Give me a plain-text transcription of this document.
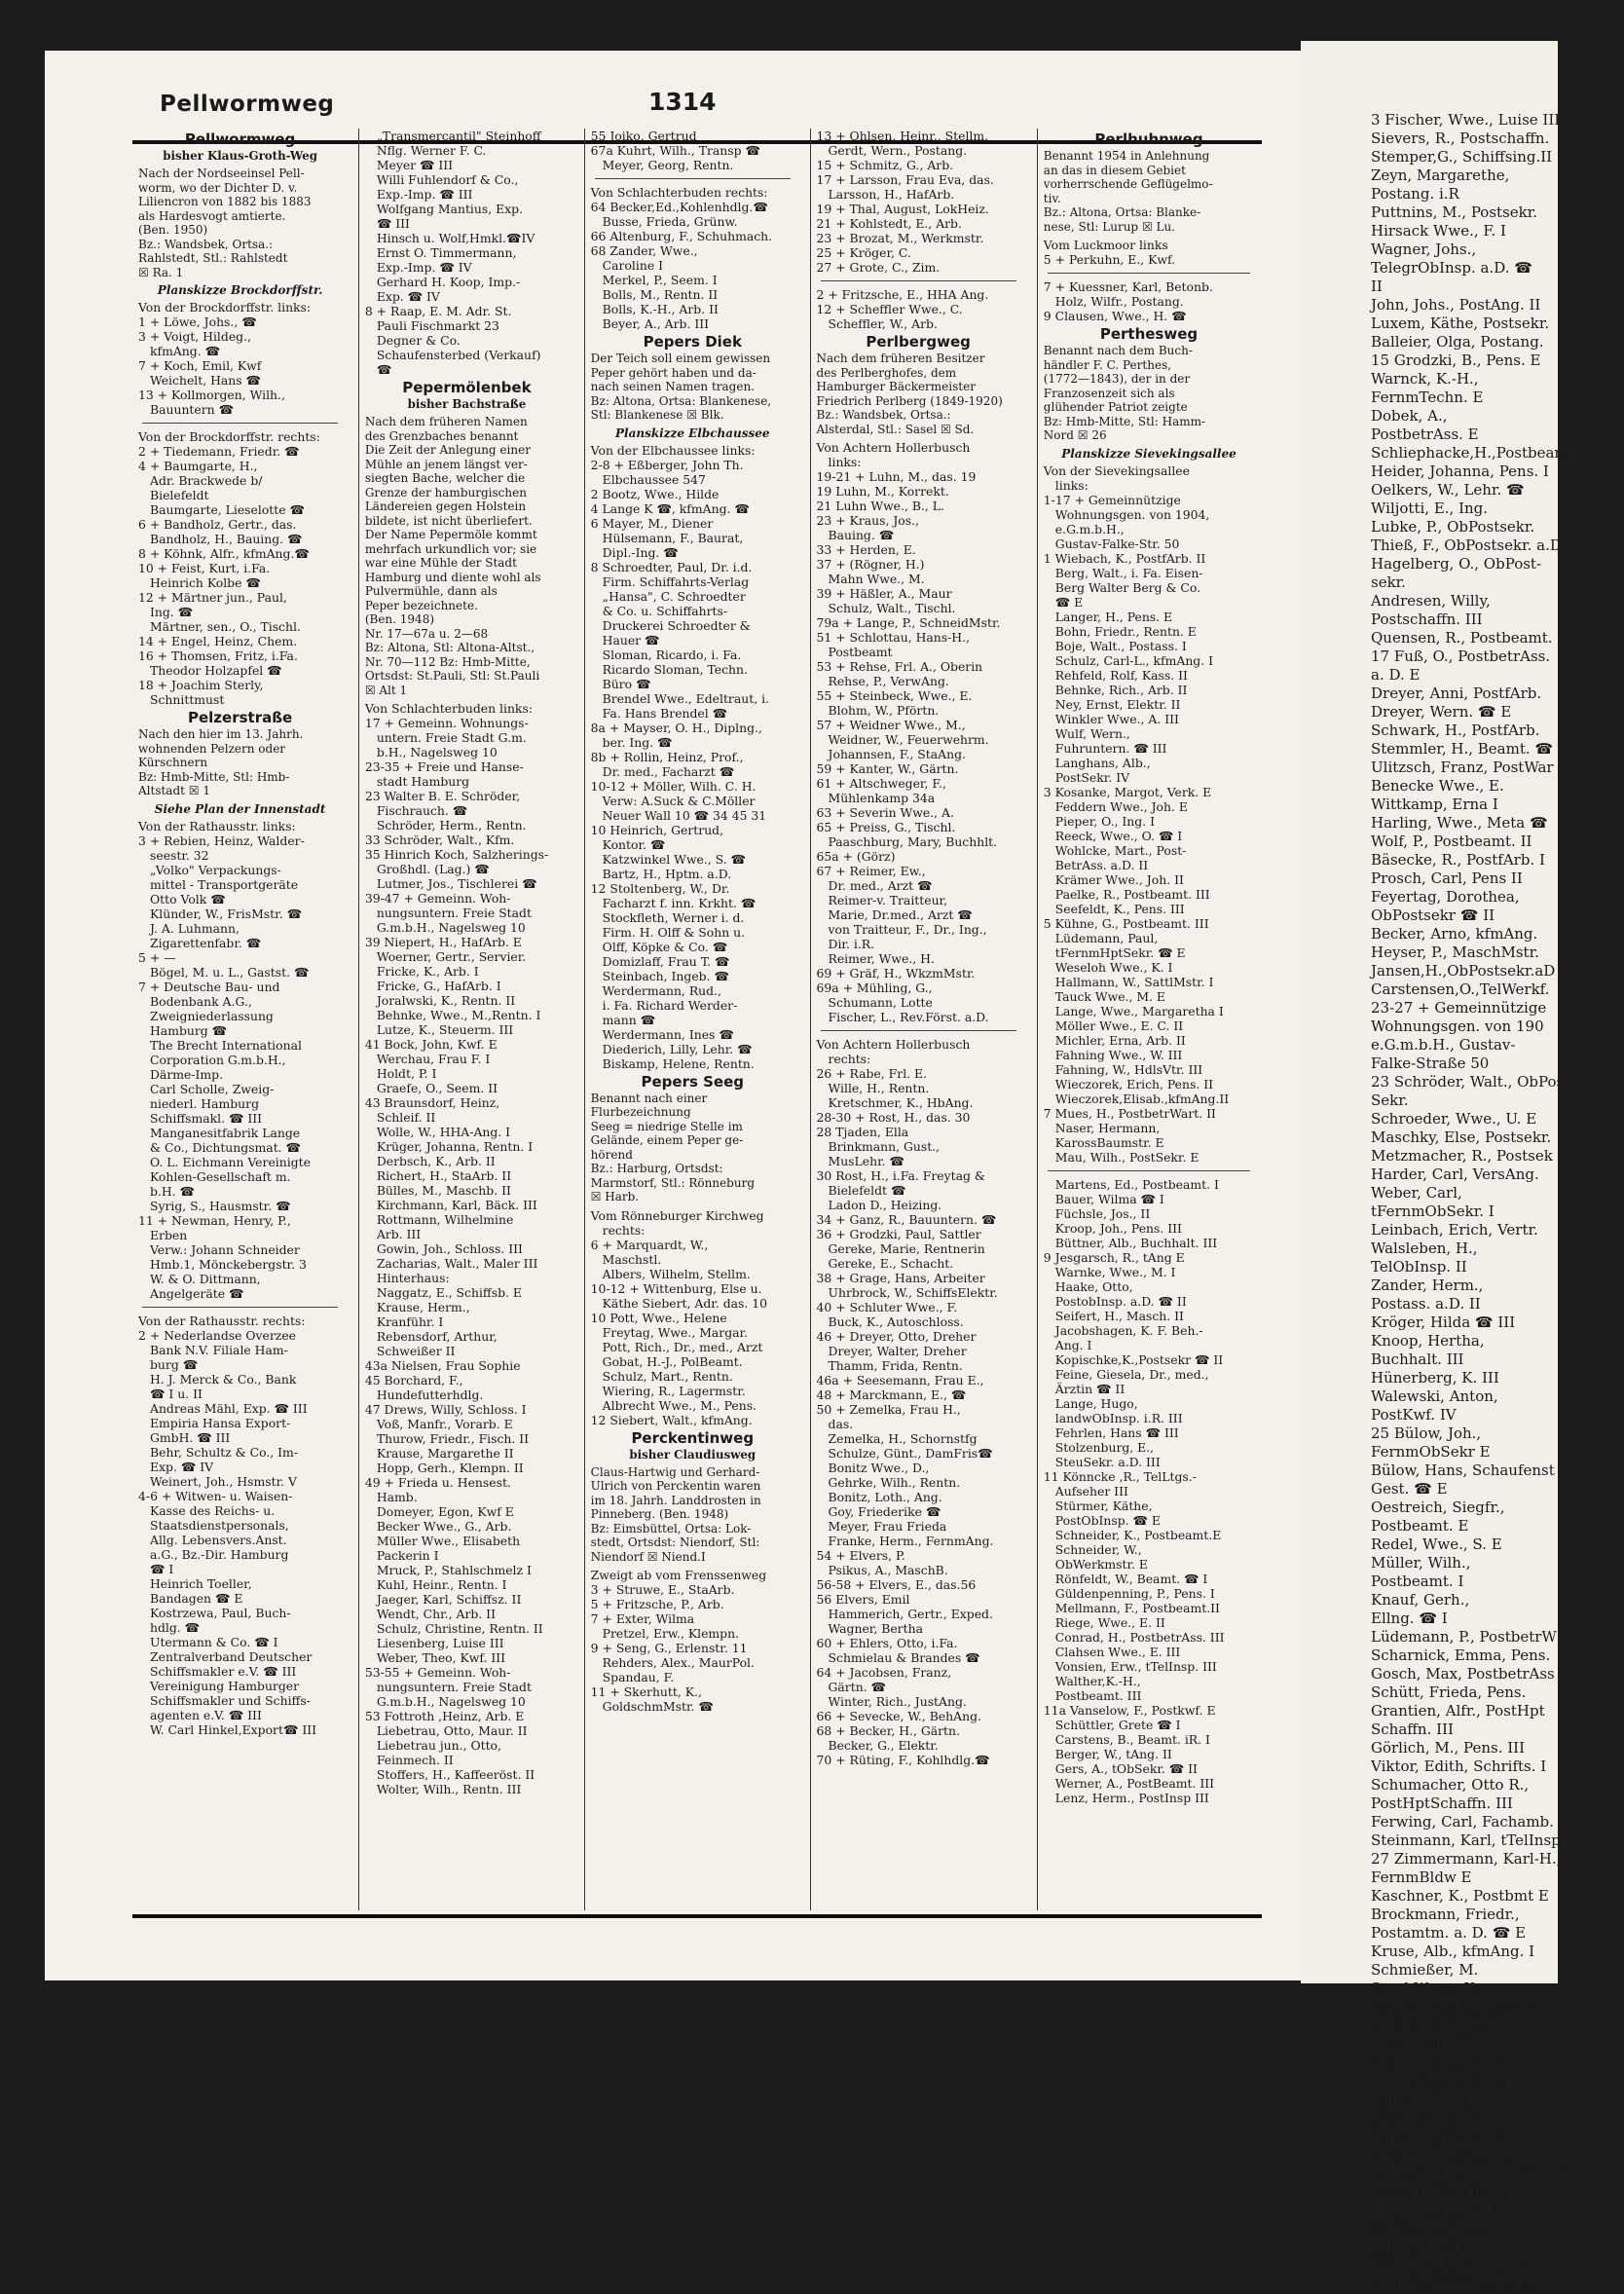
Pellwormweg	1314
Pellwormweg
bisher Klaus-Groth-Weg
Nach der Nordseeinsel Pell-
worm, wo der Dichter D. v.
Liliencron von 1882 bis 1883
als Hardesvogt amtierte.
(Ben. 1950)
Bz.: Wandsbek, Ortsa.:
Rahlstedt, Stl.: Rahlstedt
☒ Ra. 1
Planskizze Brockdorffstr.
Von der Brockdorffstr. links:
1 + Löwe, Johs., ☎
3 + Voigt, Hildeg.,
kfmAng. ☎
7 + Koch, Emil, Kwf
Weichelt, Hans ☎
13 + Kollmorgen, Wilh.,
Bauuntern ☎
Von der Brockdorffstr. rechts:
2 + Tiedemann, Friedr. ☎
4 + Baumgarte, H.,
Adr. Brackwede b/
Bielefeldt
Baumgarte, Lieselotte ☎
6 + Bandholz, Gertr., das.
Bandholz, H., Bauing. ☎
8 + Köhnk, Alfr., kfmAng.☎
10 + Feist, Kurt, i.Fa.
Heinrich Kolbe ☎
12 + Märtner jun., Paul,
Ing. ☎
Märtner, sen., O., Tischl.
14 + Engel, Heinz, Chem.
16 + Thomsen, Fritz, i.Fa.
Theodor Holzapfel ☎
18 + Joachim Sterly,
Schnittmust
Pelzerstraße
Nach den hier im 13. Jahrh.
wohnenden Pelzern oder
Kürschnern
Bz: Hmb-Mitte, Stl: Hmb-
Altstadt ☒ 1
Siehe Plan der Innenstadt
Von der Rathausstr. links:
3 + Rebien, Heinz, Walder-
seestr. 32
„Volko" Verpackungs-
mittel - Transportgeräte
Otto Volk ☎
Klünder, W., FrisMstr. ☎
J. A. Luhmann,
Zigarettenfabr. ☎
5 + —
Bögel, M. u. L., Gastst. ☎
7 + Deutsche Bau- und
Bodenbank A.G.,
Zweigniederlassung
Hamburg ☎
The Brecht International
Corporation G.m.b.H.,
Därme-Imp.
Carl Scholle, Zweig-
niederl. Hamburg
Schiffsmakl. ☎ III
Manganesitfabrik Lange
& Co., Dichtungsmat. ☎
O. L. Eichmann Vereinigte
Kohlen-Gesellschaft m.
b.H. ☎
Syrig, S., Hausmstr. ☎
11 + Newman, Henry, P.,
Erben
Verw.: Johann Schneider
Hmb.1, Mönckebergstr. 3
W. & O. Dittmann,
Angelgeräte ☎
Von der Rathausstr. rechts:
2 + Nederlandse Overzee
Bank N.V. Filiale Ham-
burg ☎
H. J. Merck & Co., Bank
☎ I u. II
Andreas Mähl, Exp. ☎ III
Empiria Hansa Export-
GmbH. ☎ III
Behr, Schultz & Co., Im-
Exp. ☎ IV
Weinert, Joh., Hsmstr. V
4-6 + Witwen- u. Waisen-
Kasse des Reichs- u.
Staatsdienstpersonals,
Allg. Lebensvers.Anst.
a.G., Bz.-Dir. Hamburg
☎ I
Heinrich Toeller,
Bandagen ☎ E
Kostrzewa, Paul, Buch-
hdlg. ☎
Utermann & Co. ☎ I
Zentralverband Deutscher
Schiffsmakler e.V. ☎ III
Vereinigung Hamburger
Schiffsmakler und Schiffs-
agenten e.V. ☎ III
W. Carl Hinkel,Export☎ III
„Transmercantil" Steinhoff
Nflg. Werner F. C.
Meyer ☎ III
Willi Fuhlendorf & Co.,
Exp.-Imp. ☎ III
Wolfgang Mantius, Exp.
☎ III
Hinsch u. Wolf,Hmkl.☎IV
Ernst O. Timmermann,
Exp.-Imp. ☎ IV
Gerhard H. Koop, Imp.-
Exp. ☎ IV
8 + Raap, E. M. Adr. St.
Pauli Fischmarkt 23
Degner & Co.
Schaufensterbed (Verkauf)
☎
Pepermölenbek
bisher Bachstraße
Nach dem früheren Namen
des Grenzbaches benannt
Die Zeit der Anlegung einer
Mühle an jenem längst ver-
siegten Bache, welcher die
Grenze der hamburgischen
Ländereien gegen Holstein
bildete, ist nicht überliefert.
Der Name Pepermöle kommt
mehrfach urkundlich vor; sie
war eine Mühle der Stadt
Hamburg und diente wohl als
Pulvermühle, dann als
Peper bezeichnete.
(Ben. 1948)
Nr. 17—67a u. 2—68
Bz: Altona, Stl: Altona-Altst.,
Nr. 70—112 Bz: Hmb-Mitte,
Ortsdst: St.Pauli, Stl: St.Pauli
☒ Alt 1
Von Schlachterbuden links:
17 + Gemeinn. Wohnungs-
untern. Freie Stadt G.m.
b.H., Nagelsweg 10
23-35 + Freie und Hanse-
stadt Hamburg
23 Walter B. E. Schröder,
Fischrauch. ☎
Schröder, Herm., Rentn.
33 Schröder, Walt., Kfm.
35 Hinrich Koch, Salzherings-
Großhdl. (Lag.) ☎
Lutmer, Jos., Tischlerei ☎
39-47 + Gemeinn. Woh-
nungsuntern. Freie Stadt
G.m.b.H., Nagelsweg 10
39 Niepert, H., HafArb. E
Woerner, Gertr., Servier.
Fricke, K., Arb. I
Fricke, G., HafArb. I
Joralwski, K., Rentn. II
Behnke, Wwe., M.,Rentn. I
Lutze, K., Steuerm. III
41 Bock, John, Kwf. E
Werchau, Frau F. I
Holdt, P. I
Graefe, O., Seem. II
43 Braunsdorf, Heinz,
Schleif. II
Wolle, W., HHA-Ang. I
Krüger, Johanna, Rentn. I
Derbsch, K., Arb. II
Richert, H., StaArb. II
Bülles, M., Maschb. II
Kirchmann, Karl, Bäck. III
Rottmann, Wilhelmine
Arb. III
Gowin, Joh., Schloss. III
Zacharias, Walt., Maler III
Hinterhaus:
Naggatz, E., Schiffsb. E
Krause, Herm.,
Kranführ. I
Rebensdorf, Arthur,
Schweißer II
43a Nielsen, Frau Sophie
45 Borchard, F.,
Hundefutterhdlg.
47 Drews, Willy, Schloss. I
Voß, Manfr., Vorarb. E
Thurow, Friedr., Fisch. II
Krause, Margarethe II
Hopp, Gerh., Klempn. II
49 + Frieda u. Hensest.
Hamb.
Domeyer, Egon, Kwf E
Becker Wwe., G., Arb.
Müller Wwe., Elisabeth
Packerin I
Mruck, P., Stahlschmelz I
Kuhl, Heinr., Rentn. I
Jaeger, Karl, Schiffsz. II
Wendt, Chr., Arb. II
Schulz, Christine, Rentn. II
Liesenberg, Luise III
Weber, Theo, Kwf. III
53-55 + Gemeinn. Woh-
nungsuntern. Freie Stadt
G.m.b.H., Nagelsweg 10
53 Fottroth ,Heinz, Arb. E
Liebetrau, Otto, Maur. II
Liebetrau jun., Otto,
Feinmech. II
Stoffers, H., Kaffeeröst. II
Wolter, Wilh., Rentn. III
55 Joiko, Gertrud
67a Kuhrt, Wilh., Transp ☎
Meyer, Georg, Rentn.
Von Schlachterbuden rechts:
64 Becker,Ed.,Kohlenhdlg.☎
Busse, Frieda, Grünw.
66 Altenburg, F., Schuhmach.
68 Zander, Wwe.,
Caroline I
Merkel, P., Seem. I
Bolls, M., Rentn. II
Bolls, K.-H., Arb. II
Beyer, A., Arb. III
Pepers Diek
Der Teich soll einem gewissen
Peper gehört haben und da-
nach seinen Namen tragen.
Bz: Altona, Ortsa: Blankenese,
Stl: Blankenese ☒ Blk.
Planskizze Elbchaussee
Von der Elbchaussee links:
2-8 + Eßberger, John Th.
Elbchaussee 547
2 Bootz, Wwe., Hilde
4 Lange K ☎, kfmAng. ☎
6 Mayer, M., Diener
Hülsemann, F., Baurat,
Dipl.-Ing. ☎
8 Schroedter, Paul, Dr. i.d.
Firm. Schiffahrts-Verlag
„Hansa", C. Schroedter
& Co. u. Schiffahrts-
Druckerei Schroedter &
Hauer ☎
Sloman, Ricardo, i. Fa.
Ricardo Sloman, Techn.
Büro ☎
Brendel Wwe., Edeltraut, i.
Fa. Hans Brendel ☎
8a + Mayser, O. H., Diplng.,
ber. Ing. ☎
8b + Rollin, Heinz, Prof.,
Dr. med., Facharzt ☎
10-12 + Möller, Wilh. C. H.
Verw: A.Suck & C.Möller
Neuer Wall 10 ☎ 34 45 31
10 Heinrich, Gertrud,
Kontor. ☎
Katzwinkel Wwe., S. ☎
Bartz, H., Hptm. a.D.
12 Stoltenberg, W., Dr.
Facharzt f. inn. Krkht. ☎
Stockfleth, Werner i. d.
Firm. H. Olff & Sohn u.
Olff, Köpke & Co. ☎
Domizlaff, Frau T. ☎
Steinbach, Ingeb. ☎
Werdermann, Rud.,
i. Fa. Richard Werder-
mann ☎
Werdermann, Ines ☎
Diederich, Lilly, Lehr. ☎
Biskamp, Helene, Rentn.
Pepers Seeg
Benannt nach einer
Flurbezeichnung
Seeg = niedrige Stelle im
Gelände, einem Peper ge-
hörend
Bz.: Harburg, Ortsdst:
Marmstorf, Stl.: Rönneburg
☒ Harb.
Vom Rönneburger Kirchweg
rechts:
6 + Marquardt, W.,
Maschstl.
Albers, Wilhelm, Stellm.
10-12 + Wittenburg, Else u.
Käthe Siebert, Adr. das. 10
10 Pott, Wwe., Helene
Freytag, Wwe., Margar.
Pott, Rich., Dr., med., Arzt
Gobat, H.-J., PolBeamt.
Schulz, Mart., Rentn.
Wiering, R., Lagermstr.
Albrecht Wwe., M., Pens.
12 Siebert, Walt., kfmAng.
Perckentinweg
bisher Claudiusweg
Claus-Hartwig und Gerhard-
Ulrich von Perckentin waren
im 18. Jahrh. Landdrosten in
Pinneberg. (Ben. 1948)
Bz: Eimsbüttel, Ortsa: Lok-
stedt, Ortsdst: Niendorf, Stl:
Niendorf ☒ Niend.I
Zweigt ab vom Frenssenweg
3 + Struwe, E., StaArb.
5 + Fritzsche, P., Arb.
7 + Exter, Wilma
Pretzel, Erw., Klempn.
9 + Seng, G., Erlenstr. 11
Rehders, Alex., MaurPol.
Spandau, F.
11 + Skerhutt, K.,
GoldschmMstr. ☎
13 + Ohlsen, Heinr., Stellm.
Gerdt, Wern., Postang.
15 + Schmitz, G., Arb.
17 + Larsson, Frau Eva, das.
Larsson, H., HafArb.
19 + Thal, August, LokHeiz.
21 + Kohlstedt, E., Arb.
23 + Brozat, M., Werkmstr.
25 + Kröger, C.
27 + Grote, C., Zim.
2 + Fritzsche, E., HHA Ang.
12 + Scheffler Wwe., C.
Scheffler, W., Arb.
Perlbergweg
Nach dem früheren Besitzer
des Perlberghofes, dem
Hamburger Bäckermeister
Friedrich Perlberg (1849-1920)
Bz.: Wandsbek, Ortsa.:
Alsterdal, Stl.: Sasel ☒ Sd.
Von Achtern Hollerbusch
links:
19-21 + Luhn, M., das. 19
19 Luhn, M., Korrekt.
21 Luhn Wwe., B., L.
23 + Kraus, Jos.,
Bauing. ☎
33 + Herden, E.
37 + (Rögner, H.)
Mahn Wwe., M.
39 + Häßler, A., Maur
Schulz, Walt., Tischl.
79a + Lange, P., SchneidMstr.
51 + Schlottau, Hans-H.,
Postbeamt
53 + Rehse, Frl. A., Oberin
Rehse, P., VerwAng.
55 + Steinbeck, Wwe., E.
Blohm, W., Pförtn.
57 + Weidner Wwe., M.,
Weidner, W., Feuerwehrm.
Johannsen, F., StaAng.
59 + Kanter, W., Gärtn.
61 + Altschweger, F.,
Mühlenkamp 34a
63 + Severin Wwe., A.
65 + Preiss, G., Tischl.
Paaschburg, Mary, Buchhlt.
65a + (Görz)
67 + Reimer, Ew.,
Dr. med., Arzt ☎
Reimer-v. Traitteur,
Marie, Dr.med., Arzt ☎
von Traitteur, F., Dr., Ing.,
Dir. i.R.
Reimer, Wwe., H.
69 + Gräf, H., WkzmMstr.
69a + Mühling, G.,
Schumann, Lotte
Fischer, L., Rev.Först. a.D.
Von Achtern Hollerbusch
rechts:
26 + Rabe, Frl. E.
Wille, H., Rentn.
Kretschmer, K., HbAng.
28-30 + Rost, H., das. 30
28 Tjaden, Ella
Brinkmann, Gust.,
MusLehr. ☎
30 Rost, H., i.Fa. Freytag &
Bielefeldt ☎
Ladon D., Heizing.
34 + Ganz, R., Bauuntern. ☎
36 + Grodzki, Paul, Sattler
Gereke, Marie, Rentnerin
Gereke, E., Schacht.
38 + Grage, Hans, Arbeiter
Uhrbrock, W., SchiffsElektr.
40 + Schluter Wwe., F.
Buck, K., Autoschloss.
46 + Dreyer, Otto, Dreher
Dreyer, Walter, Dreher
Thamm, Frida, Rentn.
46a + Seesemann, Frau E.,
48 + Marckmann, E., ☎
50 + Zemelka, Frau H.,
das.
Zemelka, H., Schornstfg
Schulze, Günt., DamFris☎
Bonitz Wwe., D.,
Gehrke, Wilh., Rentn.
Bonitz, Loth., Ang.
Goy, Friederike ☎
Meyer, Frau Frieda
Franke, Herm., FernmAng.
54 + Elvers, P.
Psikus, A., MaschB.
56-58 + Elvers, E., das.56
56 Elvers, Emil
Hammerich, Gertr., Exped.
Wagner, Bertha
60 + Ehlers, Otto, i.Fa.
Schmielau & Brandes ☎
64 + Jacobsen, Franz,
Gärtn. ☎
Winter, Rich., JustAng.
66 + Sevecke, W., BehAng.
68 + Becker, H., Gärtn.
Becker, G., Elektr.
70 + Rüting, F., Kohlhdlg.☎
Perlhuhnweg
Benannt 1954 in Anlehnung
an das in diesem Gebiet
vorherrschende Geflügelmo-
tiv.
Bz.: Altona, Ortsa: Blanke-
nese, Stl: Lurup ☒ Lu.
Vom Luckmoor links
5 + Perkuhn, E., Kwf.
7 + Kuessner, Karl, Betonb.
Holz, Wilfr., Postang.
9 Clausen, Wwe., H. ☎
Perthesweg
Benannt nach dem Buch-
händler F. C. Perthes,
(1772—1843), der in der
Franzosenzeit sich als
glühender Patriot zeigte
Bz: Hmb-Mitte, Stl: Hamm-
Nord ☒ 26
Planskizze Sievekingsallee
Von der Sievekingsallee
links:
1-17 + Gemeinnützige
Wohnungsgen. von 1904,
e.G.m.b.H.,
Gustav-Falke-Str. 50
1 Wiebach, K., PostfArb. II
Berg, Walt., i. Fa. Eisen-
Berg Walter Berg & Co.
☎ E
Langer, H., Pens. E
Bohn, Friedr., Rentn. E
Boje, Walt., Postass. I
Schulz, Carl-L., kfmAng. I
Rehfeld, Rolf, Kass. II
Behnke, Rich., Arb. II
Ney, Ernst, Elektr. II
Winkler Wwe., A. III
Wulf, Wern.,
Fuhruntern. ☎ III
Langhans, Alb.,
PostSekr. IV
3 Kosanke, Margot, Verk. E
Feddern Wwe., Joh. E
Pieper, O., Ing. I
Reeck, Wwe., O. ☎ I
Wohlcke, Mart., Post-
BetrAss. a.D. II
Krämer Wwe., Joh. II
Paelke, R., Postbeamt. III
Seefeldt, K., Pens. III
5 Kühne, G., Postbeamt. III
Lüdemann, Paul,
tFernmHptSekr. ☎ E
Weseloh Wwe., K. I
Hallmann, W., SattlMstr. I
Tauck Wwe., M. E
Lange, Wwe., Margaretha I
Möller Wwe., E. C. II
Michler, Erna, Arb. II
Fahning Wwe., W. III
Fahning, W., HdlsVtr. III
Wieczorek, Erich, Pens. II
Wieczorek,Elisab.,kfmAng.II
7 Mues, H., PostbetrWart. II
Naser, Hermann,
KarossBaumstr. E
Mau, Wilh., PostSekr. E
Martens, Ed., Postbeamt. I
Bauer, Wilma ☎ I
Füchsle, Jos., II
Kroop, Joh., Pens. III
Büttner, Alb., Buchhalt. III
9 Jesgarsch, R., tAng E
Warnke, Wwe., M. I
Haake, Otto,
PostobInsp. a.D. ☎ II
Seifert, H., Masch. II
Jacobshagen, K. F. Beh.-
Ang. I
Kopischke,K.,Postsekr ☎ II
Feine, Giesela, Dr., med.,
Ärztin ☎ II
Lange, Hugo,
landwObInsp. i.R. III
Fehrlen, Hans ☎ III
Stolzenburg, E.,
SteuSekr. a.D. III
11 Könncke ,R., TelLtgs.-
Aufseher III
Stürmer, Käthe,
PostObInsp. ☎ E
Schneider, K., Postbeamt.E
Schneider, W.,
ObWerkmstr. E
Rönfeldt, W., Beamt. ☎ I
Güldenpenning, P., Pens. I
Mellmann, F., Postbeamt.II
Riege, Wwe., E. II
Conrad, H., PostbetrAss. III
Clahsen Wwe., E. III
Vonsien, Erw., tTelInsp. III
Walther,K.-H.,
Postbeamt. III
11a Vanselow, F., Postkwf. E
Schüttler, Grete ☎ I
Carstens, B., Beamt. iR. I
Berger, W., tAng. II
Gers, A., tObSekr. ☎ II
Werner, A., PostBeamt. III
Lenz, Herm., PostInsp III
3 Fischer, Wwe., Luise III
Sievers, R., Postschaffn.
Stemper,G., Schiffsing.II
Zeyn, Margarethe,
Postang. i.R
Puttnins, M., Postsekr.
Hirsack Wwe., F. I
Wagner, Johs.,
TelegrObInsp. a.D. ☎
II
John, Johs., PostAng. II
Luxem, Käthe, Postsekr.
Balleier, Olga, Postang.
15 Grodzki, B., Pens. E
Warnck, K.-H.,
FernmTechn. E
Dobek, A.,
PostbetrAss. E
Schliephacke,H.,Postbeam
Heider, Johanna, Pens. I
Oelkers, W., Lehr. ☎
Wiljotti, E., Ing.
Lubke, P., ObPostsekr.
Thieß, F., ObPostsekr. a.D
Hagelberg, O., ObPost-
sekr.
Andresen, Willy,
Postschaffn. III
Quensen, R., Postbeamt.
17 Fuß, O., PostbetrAss.
a. D. E
Dreyer, Anni, PostfArb.
Dreyer, Wern. ☎ E
Schwark, H., PostfArb.
Stemmler, H., Beamt. ☎
Ulitzsch, Franz, PostWar
Benecke Wwe., E.
Wittkamp, Erna I
Harling, Wwe., Meta ☎
Wolf, P., Postbeamt. II
Bäsecke, R., PostfArb. I
Prosch, Carl, Pens II
Feyertag, Dorothea,
ObPostsekr ☎ II
Becker, Arno, kfmAng.
Heyser, P., MaschMstr.
Jansen,H.,ObPostsekr.aD
Carstensen,O.,TelWerkf.
23-27 + Gemeinnützige
Wohnungsgen. von 190
e.G.m.b.H., Gustav-
Falke-Straße 50
23 Schröder, Walt., ObPos
Sekr.
Schroeder, Wwe., U. E
Maschky, Else, Postsekr.
Metzmacher, R., Postsek
Harder, Carl, VersAng.
Weber, Carl,
tFernmObSekr. I
Leinbach, Erich, Vertr.
Walsleben, H.,
TelObInsp. II
Zander, Herm.,
Postass. a.D. II
Kröger, Hilda ☎ III
Knoop, Hertha,
Buchhalt. III
Hünerberg, K. III
Walewski, Anton,
PostKwf. IV
25 Bülow, Joh.,
FernmObSekr E
Bülow, Hans, Schaufenst
Gest. ☎ E
Oestreich, Siegfr.,
Postbeamt. E
Redel, Wwe., S. E
Müller, Wilh.,
Postbeamt. I
Knauf, Gerh.,
Ellng. ☎ I
Lüdemann, P., PostbetrW
Scharnick, Emma, Pens.
Gosch, Max, PostbetrAss
Schütt, Frieda, Pens.
Grantien, Alfr., PostHpt
Schaffn. III
Görlich, M., Pens. III
Viktor, Edith, Schrifts. I
Schumacher, Otto R.,
PostHptSchaffn. III
Ferwing, Carl, Fachamb.
Steinmann, Karl, tTelInsp
27 Zimmermann, Karl-H.,
FernmBldw E
Kaschner, K., Postbmt E
Brockmann, Friedr.,
Postamtm. a. D. ☎ E
Kruse, Alb., kfmAng. I
Schmießer, M.
Sund Wwe., K.
Sorgenfrey, H., Feinm.
Beckendorf, H.,
Postbeamt. II
Griebenow, Berth.
TelObInsp. a.D. ☎
Kehlert, Otto,
ObPostSekr IV
Rabe, W., Pens. E
Stecker Wwe., H. IV
29-45 + Bauverein Hamm
Geest in Hamburg
e.G.m.b.H., Bundesstr.
29 Jaacks, Alfr.,
kfmAng. ☎ I
Prinz, W., BehAng. ☎
Schuler, Emil, Pens ☎
